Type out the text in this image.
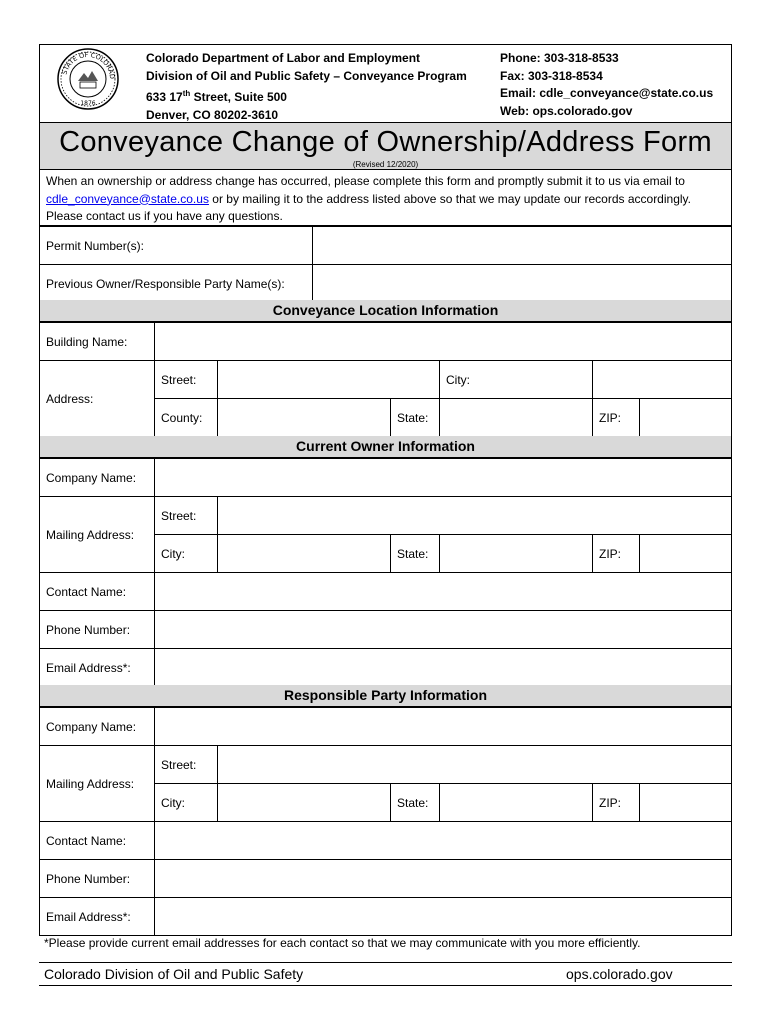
STATE OF COLORAD
1876
Colorado Department of Labor and Employment
Division of Oil and Public Safety – Conveyance Program
633 17th Street, Suite 500
Denver, CO 80202-3610
Phone: 303-318-8533
Fax: 303-318-8534
Email: cdle_conveyance@state.co.us
Web: ops.colorado.gov
Conveyance Change of Ownership/Address Form
(Revised 12/2020)
When an ownership or address change has occurred, please complete this form and promptly submit it to us via email to cdle_conveyance@state.co.us or by mailing it to the address listed above so that we may update our records accordingly. Please contact us if you have any questions.
Permit Number(s):	
Previous Owner/Responsible Party Name(s):	
Conveyance Location Information
Building Name:	
Address:	Street:		City:	
County:		State:			ZIP:	
Current Owner Information
Company Name:	
Mailing Address:	Street:	
City:		State:			ZIP:	

Contact Name:	
Phone Number:	
Email Address*:	
Responsible Party Information
Company Name:	
Mailing Address:	Street:	
City:		State:			ZIP:	

Contact Name:	
Phone Number:	
Email Address*:	
*Please provide current email addresses for each contact so that we may communicate with you more efficiently.
Colorado Division of Oil and Public Safety	ops.colorado.gov
